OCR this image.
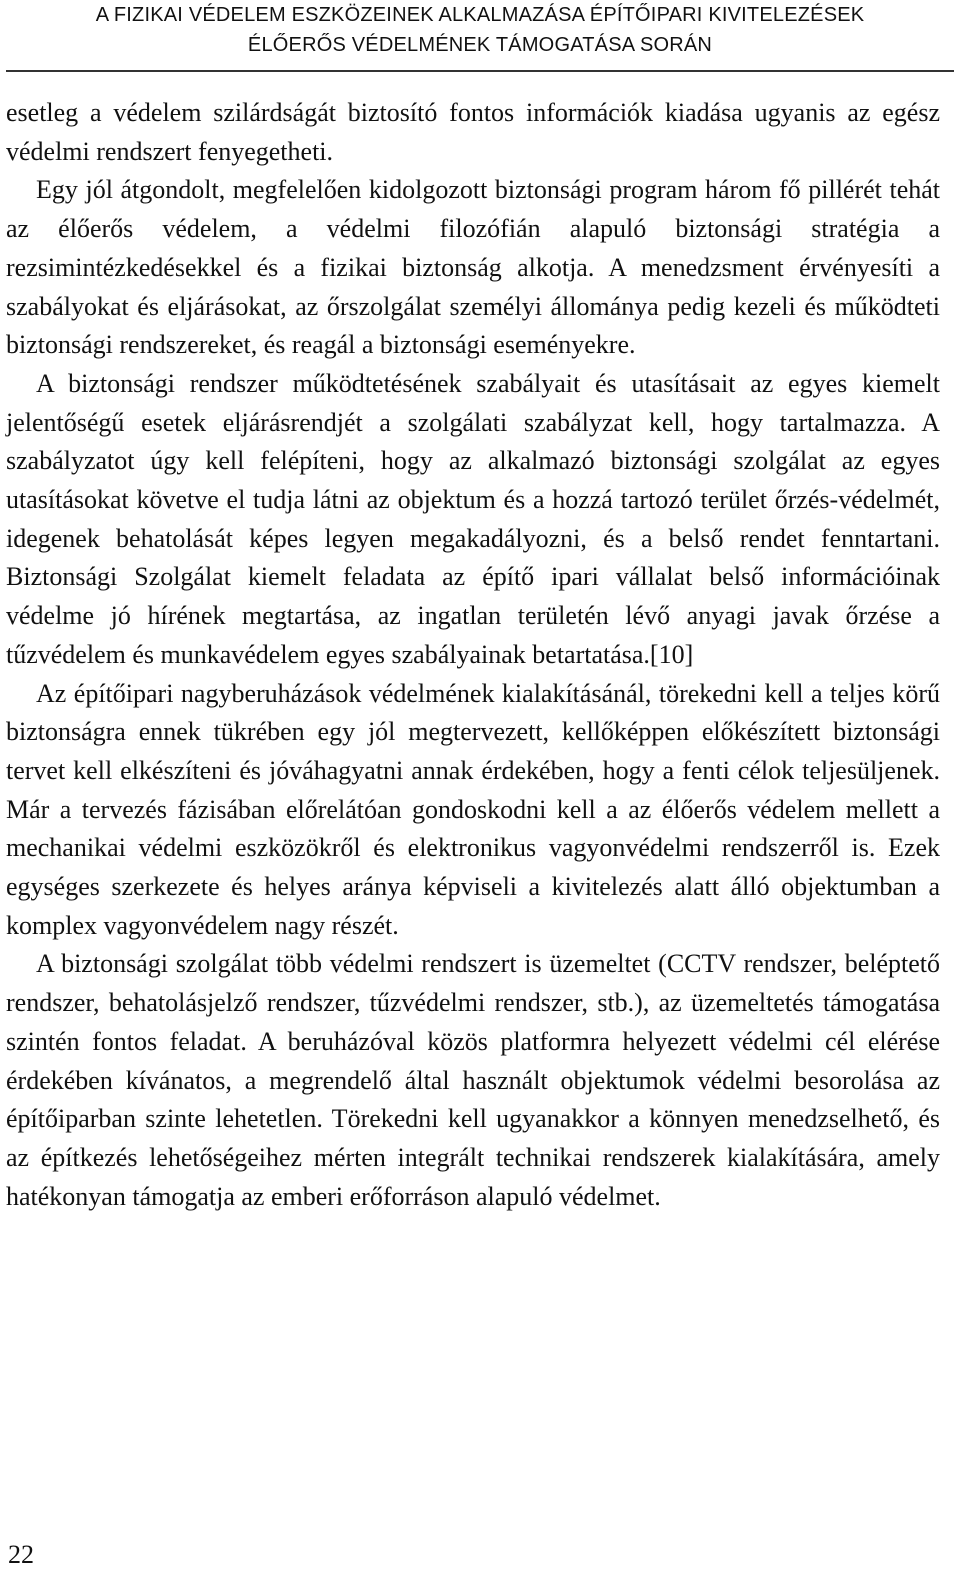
A FIZIKAI VÉDELEM ESZKÖZEINEK ALKALMAZÁSA ÉPÍTŐIPARI KIVITELEZÉSEK
ÉLŐERŐS VÉDELMÉNEK TÁMOGATÁSA SORÁN

esetleg a védelem szilárdságát biztosító fontos információk kiadása ugyanis az egész védelmi rendszert fenyegetheti.

Egy jól átgondolt, megfelelően kidolgozott biztonsági program három fő pillérét tehát az élőerős védelem, a védelmi filozófián alapuló biztonsági stratégia a rezsimintézkedésekkel és a fizikai biztonság alkotja. A menedzsment érvényesíti a szabályokat és eljárásokat, az őrszolgálat személyi állománya pedig kezeli és működteti biztonsági rendszereket, és reagál a biztonsági eseményekre.

A biztonsági rendszer működtetésének szabályait és utasításait az egyes kiemelt jelentőségű esetek eljárásrendjét a szolgálati szabályzat kell, hogy tartalmazza. A szabályzatot úgy kell felépíteni, hogy az alkalmazó biztonsági szolgálat az egyes utasításokat követve el tudja látni az objektum és a hozzá tartozó terület őrzés-védelmét, idegenek behatolását képes legyen megakadályozni, és a belső rendet fenntartani. Biztonsági Szolgálat kiemelt feladata az építő ipari vállalat belső információinak védelme jó hírének megtartása, az ingatlan területén lévő anyagi javak őrzése a tűzvédelem és munkavédelem egyes szabályainak betartatása.[10]

Az építőipari nagyberuházások védelmének kialakításánál, törekedni kell a teljes körű biztonságra ennek tükrében egy jól megtervezett, kellőképpen előkészített biztonsági tervet kell elkészíteni és jóváhagyatni annak érdekében, hogy a fenti célok teljesüljenek. Már a tervezés fázisában előrelátóan gondoskodni kell a az élőerős védelem mellett a mechanikai védelmi eszközökről és elektronikus vagyonvédelmi rendszerről is. Ezek egységes szerkezete és helyes aránya képviseli a kivitelezés alatt álló objektumban a komplex vagyonvédelem nagy részét.

A biztonsági szolgálat több védelmi rendszert is üzemeltet (CCTV rendszer, beléptető rendszer, behatolásjelző rendszer, tűzvédelmi rendszer, stb.), az üzemeltetés támogatása szintén fontos feladat. A beruházóval közös platformra helyezett védelmi cél elérése érdekében kívánatos, a megrendelő által használt objektumok védelmi besorolása az építőiparban szinte lehetetlen. Törekedni kell ugyanakkor a könnyen menedzselhető, és az építkezés lehetőségeihez mérten integrált technikai rendszerek kialakítására, amely hatékonyan támogatja az emberi erőforráson alapuló védelmet.

22
